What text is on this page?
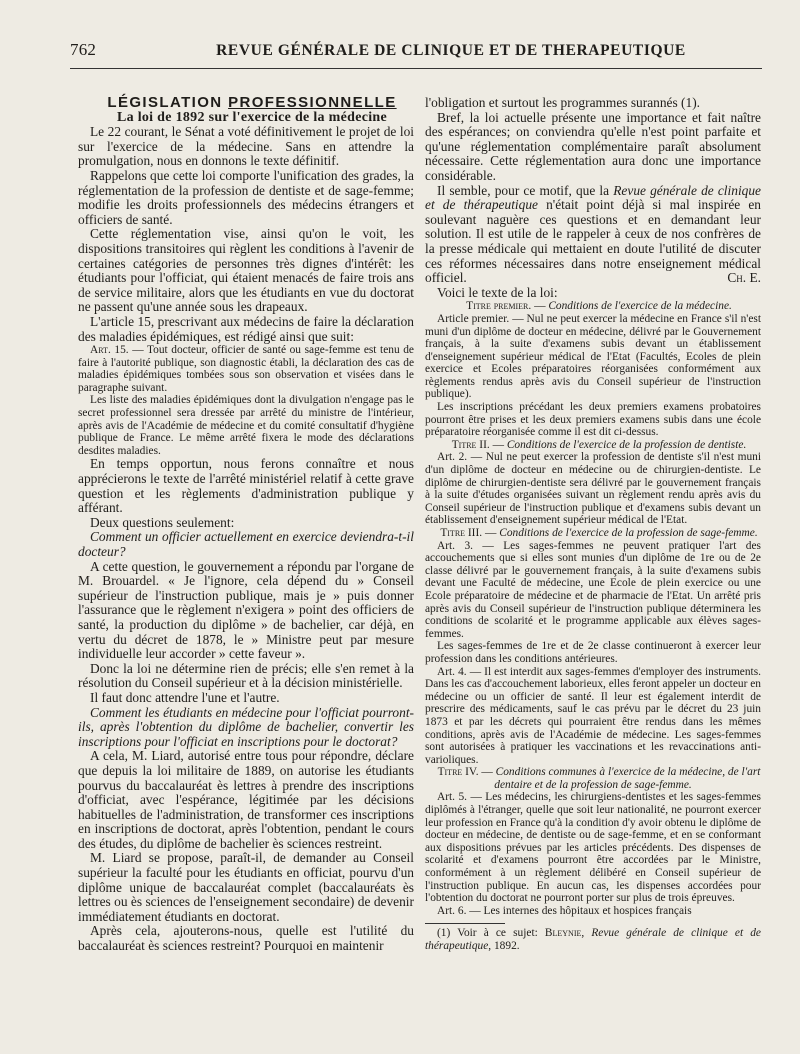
762	REVUE GÉNÉRALE DE CLINIQUE ET DE THERAPEUTIQUE

LÉGISLATION PROFESSIONNELLE

La loi de 1892 sur l'exercice de la médecine

Le 22 courant, le Sénat a voté définitivement le projet de loi sur l'exercice de la médecine. Sans en attendre la promulgation, nous en donnons le texte définitif.

Rappelons que cette loi comporte l'unification des grades, la réglementation de la profession de dentiste et de sage-femme; modifie les droits professionnels des médecins étrangers et officiers de santé.

Cette réglementation vise, ainsi qu'on le voit, les dispositions transitoires qui règlent les conditions à l'avenir de certaines catégories de personnes très dignes d'intérêt: les étudiants pour l'officiat, qui étaient menacés de faire trois ans de service militaire, alors que les étudiants en vue du doctorat ne passent qu'une année sous les drapeaux.

L'article 15, prescrivant aux médecins de faire la déclaration des maladies épidémiques, est rédigé ainsi que suit:

Art. 15. — Tout docteur, officier de santé ou sage-femme est tenu de faire à l'autorité publique, son diagnostic établi, la déclaration des cas de maladies épidémiques tombées sous son observation et visées dans le paragraphe suivant.

Les liste des maladies épidémiques dont la divulgation n'engage pas le secret professionnel sera dressée par arrêté du ministre de l'intérieur, après avis de l'Académie de médecine et du comité consultatif d'hygiène publique de France. Le même arrêté fixera le mode des déclarations desdites maladies.

En temps opportun, nous ferons connaître et nous apprécierons le texte de l'arrêté ministériel relatif à cette grave question et les règlements d'administration publique y afférant.

Deux questions seulement:

Comment un officier actuellement en exercice deviendra-t-il docteur?

A cette question, le gouvernement a répondu par l'organe de M. Brouardel. « Je l'ignore, cela dépend du » Conseil supérieur de l'instruction publique, mais je » puis donner l'assurance que le règlement n'exigera » point des officiers de santé, la production du diplôme » de bachelier, car déjà, en vertu du décret de 1878, le » Ministre peut par mesure individuelle leur accorder » cette faveur ».

Donc la loi ne détermine rien de précis; elle s'en remet à la résolution du Conseil supérieur et à la décision ministérielle.

Il faut donc attendre l'une et l'autre.

Comment les étudiants en médecine pour l'officiat pourront-ils, après l'obtention du diplôme de bachelier, convertir les inscriptions pour l'officiat en inscriptions pour le doctorat?

A cela, M. Liard, autorisé entre tous pour répondre, déclare que depuis la loi militaire de 1889, on autorise les étudiants pourvus du baccalauréat ès lettres à prendre des inscriptions d'officiat, avec l'espérance, légitimée par les décisions habituelles de l'administration, de transformer ces inscriptions en inscriptions de doctorat, après l'obtention, pendant le cours des études, du diplôme de bachelier ès sciences restreint.

M. Liard se propose, paraît-il, de demander au Conseil supérieur la faculté pour les étudiants en officiat, pourvu d'un diplôme unique de baccalauréat complet (baccalauréats ès lettres ou ès sciences de l'enseignement secondaire) de devenir immédiatement étudiants en doctorat.

Après cela, ajouterons-nous, quelle est l'utilité du baccalauréat ès sciences restreint? Pourquoi en maintenir

l'obligation et surtout les programmes surannés (1).

Bref, la loi actuelle présente une importance et fait naître des espérances; on conviendra qu'elle n'est point parfaite et qu'une réglementation complémentaire paraît absolument nécessaire. Cette réglementation aura donc une importance considérable.

Il semble, pour ce motif, que la Revue générale de clinique et de thérapeutique n'était point déjà si mal inspirée en soulevant naguère ces questions et en demandant leur solution. Il est utile de le rappeler à ceux de nos confrères de la presse médicale qui mettaient en doute l'utilité de discuter ces réformes nécessaires dans notre enseignement médical officiel.	Ch. E.

Voici le texte de la loi:

Titre premier. — Conditions de l'exercice de la médecine.

Article premier. — Nul ne peut exercer la médecine en France s'il n'est muni d'un diplôme de docteur en médecine, délivré par le Gouvernement français, à la suite d'examens subis devant un établissement d'enseignement supérieur médical de l'Etat (Facultés, Ecoles de plein exercice et Ecoles préparatoires réorganisées conformément aux règlements rendus après avis du Conseil supérieur de l'instruction publique).

Les inscriptions précédant les deux premiers examens probatoires pourront être prises et les deux premiers examens subis dans une école préparatoire réorganisée comme il est dit ci-dessus.

Titre II. — Conditions de l'exercice de la profession de dentiste.

Art. 2. — Nul ne peut exercer la profession de dentiste s'il n'est muni d'un diplôme de docteur en médecine ou de chirurgien-dentiste. Le diplôme de chirurgien-dentiste sera délivré par le gouvernement français à la suite d'études organisées suivant un règlement rendu après avis du Conseil supérieur de l'instruction publique et d'examens subis devant un établissement d'enseignement supérieur médical de l'Etat.

Titre III. — Conditions de l'exercice de la profession de sage-femme.

Art. 3. — Les sages-femmes ne peuvent pratiquer l'art des accouchements que si elles sont munies d'un diplôme de 1re ou de 2e classe délivré par le gouvernement français, à la suite d'examens subis devant une Faculté de médecine, une Ecole de plein exercice ou une Ecole préparatoire de médecine et de pharmacie de l'Etat. Un arrêté pris après avis du Conseil supérieur de l'instruction publique déterminera les conditions de scolarité et le programme applicable aux élèves sages-femmes.

Les sages-femmes de 1re et de 2e classe continueront à exercer leur profession dans les conditions antérieures.

Art. 4. — Il est interdit aux sages-femmes d'employer des instruments. Dans les cas d'accouchement laborieux, elles feront appeler un docteur en médecine ou un officier de santé. Il leur est également interdit de prescrire des médicaments, sauf le cas prévu par le décret du 23 juin 1873 et par les décrets qui pourraient être rendus dans les mêmes conditions, après avis de l'Académie de médecine. Les sages-femmes sont autorisées à pratiquer les vaccinations et les revaccinations anti-varioliques.

Titre IV. — Conditions communes à l'exercice de la médecine, de l'art dentaire et de la profession de sage-femme.

Art. 5. — Les médecins, les chirurgiens-dentistes et les sages-femmes diplômés à l'étranger, quelle que soit leur nationalité, ne pourront exercer leur profession en France qu'à la condition d'y avoir obtenu le diplôme de docteur en médecine, de dentiste ou de sage-femme, et en se conformant aux dispositions prévues par les articles précédents. Des dispenses de scolarité et d'examens pourront être accordées par le Ministre, conformément à un règlement délibéré en Conseil supérieur de l'instruction publique. En aucun cas, les dispenses accordées pour l'obtention du doctorat ne pourront porter sur plus de trois épreuves.

Art. 6. — Les internes des hôpitaux et hospices français

(1) Voir à ce sujet: Bleynie, Revue générale de clinique et de thérapeutique, 1892.
